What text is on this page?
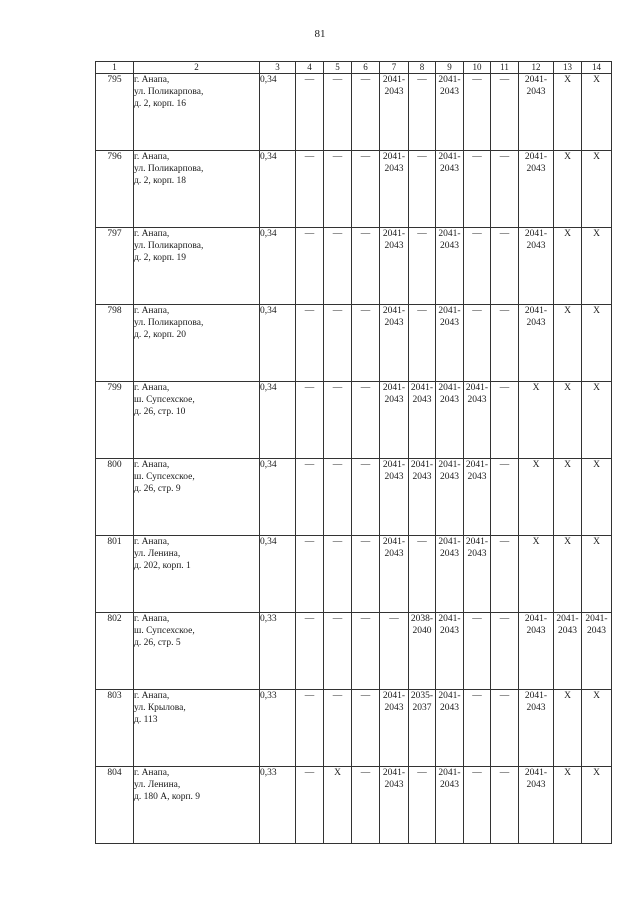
81
1	2	3	4	5	6	7	8	9	10	11	12	13	14
795	г. Анапа,
ул. Поликарпова,
д. 2, корп. 16	0,34	—	—	—	2041-
2043	—	2041-
2043	—	—	2041-
2043	X	X

796	г. Анапа,
ул. Поликарпова,
д. 2, корп. 18	0,34	—	—	—	2041-
2043	—	2041-
2043	—	—	2041-
2043	X	X

797	г. Анапа,
ул. Поликарпова,
д. 2, корп. 19	0,34	—	—	—	2041-
2043	—	2041-
2043	—	—	2041-
2043	X	X

798	г. Анапа,
ул. Поликарпова,
д. 2, корп. 20	0,34	—	—	—	2041-
2043	—	2041-
2043	—	—	2041-
2043	X	X

799	г. Анапа,
ш. Супсехское,
д. 26, стр. 10	0,34	—	—	—	2041-
2043	2041-
2043	2041-
2043	2041-
2043	—	X	X	X

800	г. Анапа,
ш. Супсехское,
д. 26, стр. 9	0,34	—	—	—	2041-
2043	2041-
2043	2041-
2043	2041-
2043	—	X	X	X

801	г. Анапа,
ул. Ленина,
д. 202, корп. 1	0,34	—	—	—	2041-
2043	—	2041-
2043	2041-
2043	—	X	X	X

802	г. Анапа,
ш. Супсехское,
д. 26, стр. 5	0,33	—	—	—	—	2038-
2040	2041-
2043	—	—	2041-
2043	2041-
2043	2041-
2043

803	г. Анапа,
ул. Крылова,
д. 113	0,33	—	—	—	2041-
2043	2035-
2037	2041-
2043	—	—	2041-
2043	X	X

804	г. Анапа,
ул. Ленина,
д. 180 А, корп. 9	0,33	—	X	—	2041-
2043	—	2041-
2043	—	—	2041-
2043	X	X
